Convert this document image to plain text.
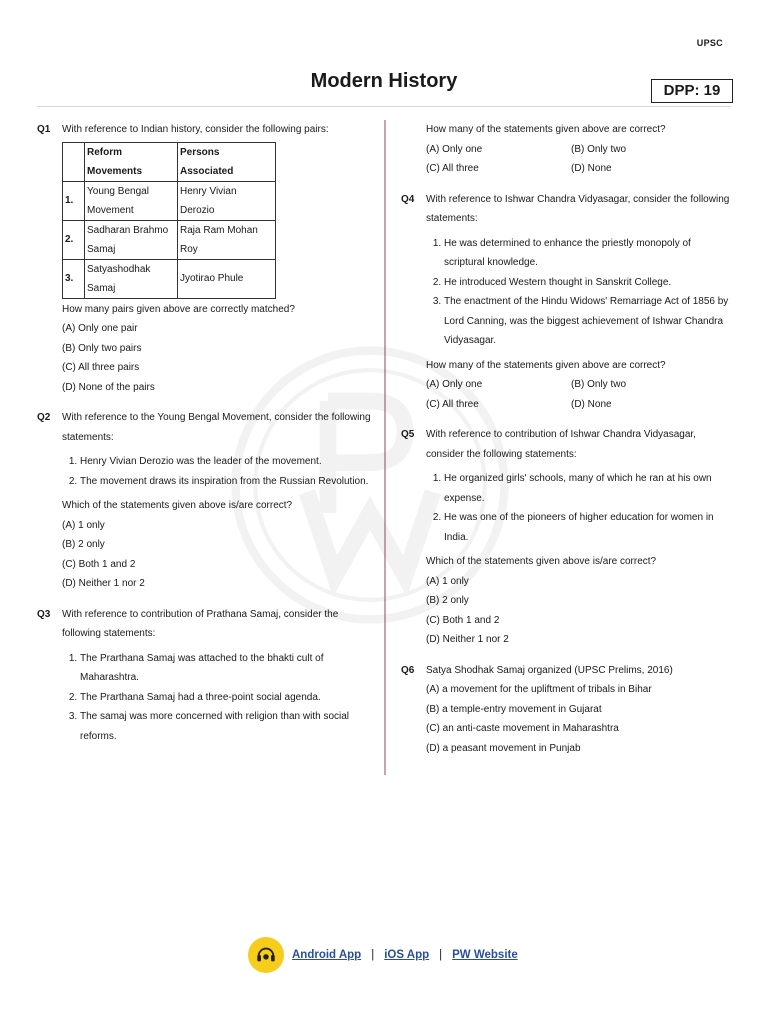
UPSC
Modern History	DPP: 19
Q1 With reference to Indian history, consider the following pairs:
	Reform Movements	Persons Associated
1.	Young Bengal Movement	Henry Vivian Derozio
2.	Sadharan Brahmo Samaj	Raja Ram Mohan Roy
3.	Satyashodhak Samaj	Jyotirao Phule
How many pairs given above are correctly matched?
(A) Only one pair
(B) Only two pairs
(C) All three pairs
(D) None of the pairs
Q2 With reference to the Young Bengal Movement, consider the following statements:
1. Henry Vivian Derozio was the leader of the movement.
2. The movement draws its inspiration from the Russian Revolution.
Which of the statements given above is/are correct?
(A) 1 only
(B) 2 only
(C) Both 1 and 2
(D) Neither 1 nor 2
Q3 With reference to contribution of Prathana Samaj, consider the following statements:
1. The Prarthana Samaj was attached to the bhakti cult of Maharashtra.
2. The Prarthana Samaj had a three-point social agenda.
3. The samaj was more concerned with religion than with social reforms.
How many of the statements given above are correct?
(A) Only one	(B) Only two
(C) All three	(D) None
Q4 With reference to Ishwar Chandra Vidyasagar, consider the following statements:
1. He was determined to enhance the priestly monopoly of scriptural knowledge.
2. He introduced Western thought in Sanskrit College.
3. The enactment of the Hindu Widows' Remarriage Act of 1856 by Lord Canning, was the biggest achievement of Ishwar Chandra Vidyasagar.
How many of the statements given above are correct?
(A) Only one	(B) Only two
(C) All three	(D) None
Q5 With reference to contribution of Ishwar Chandra Vidyasagar, consider the following statements:
1. He organized girls' schools, many of which he ran at his own expense.
2. He was one of the pioneers of higher education for women in India.
Which of the statements given above is/are correct?
(A) 1 only
(B) 2 only
(C) Both 1 and 2
(D) Neither 1 nor 2
Q6 Satya Shodhak Samaj organized (UPSC Prelims, 2016)
(A) a movement for the upliftment of tribals in Bihar
(B) a temple-entry movement in Gujarat
(C) an anti-caste movement in Maharashtra
(D) a peasant movement in Punjab
Android App | iOS App | PW Website
